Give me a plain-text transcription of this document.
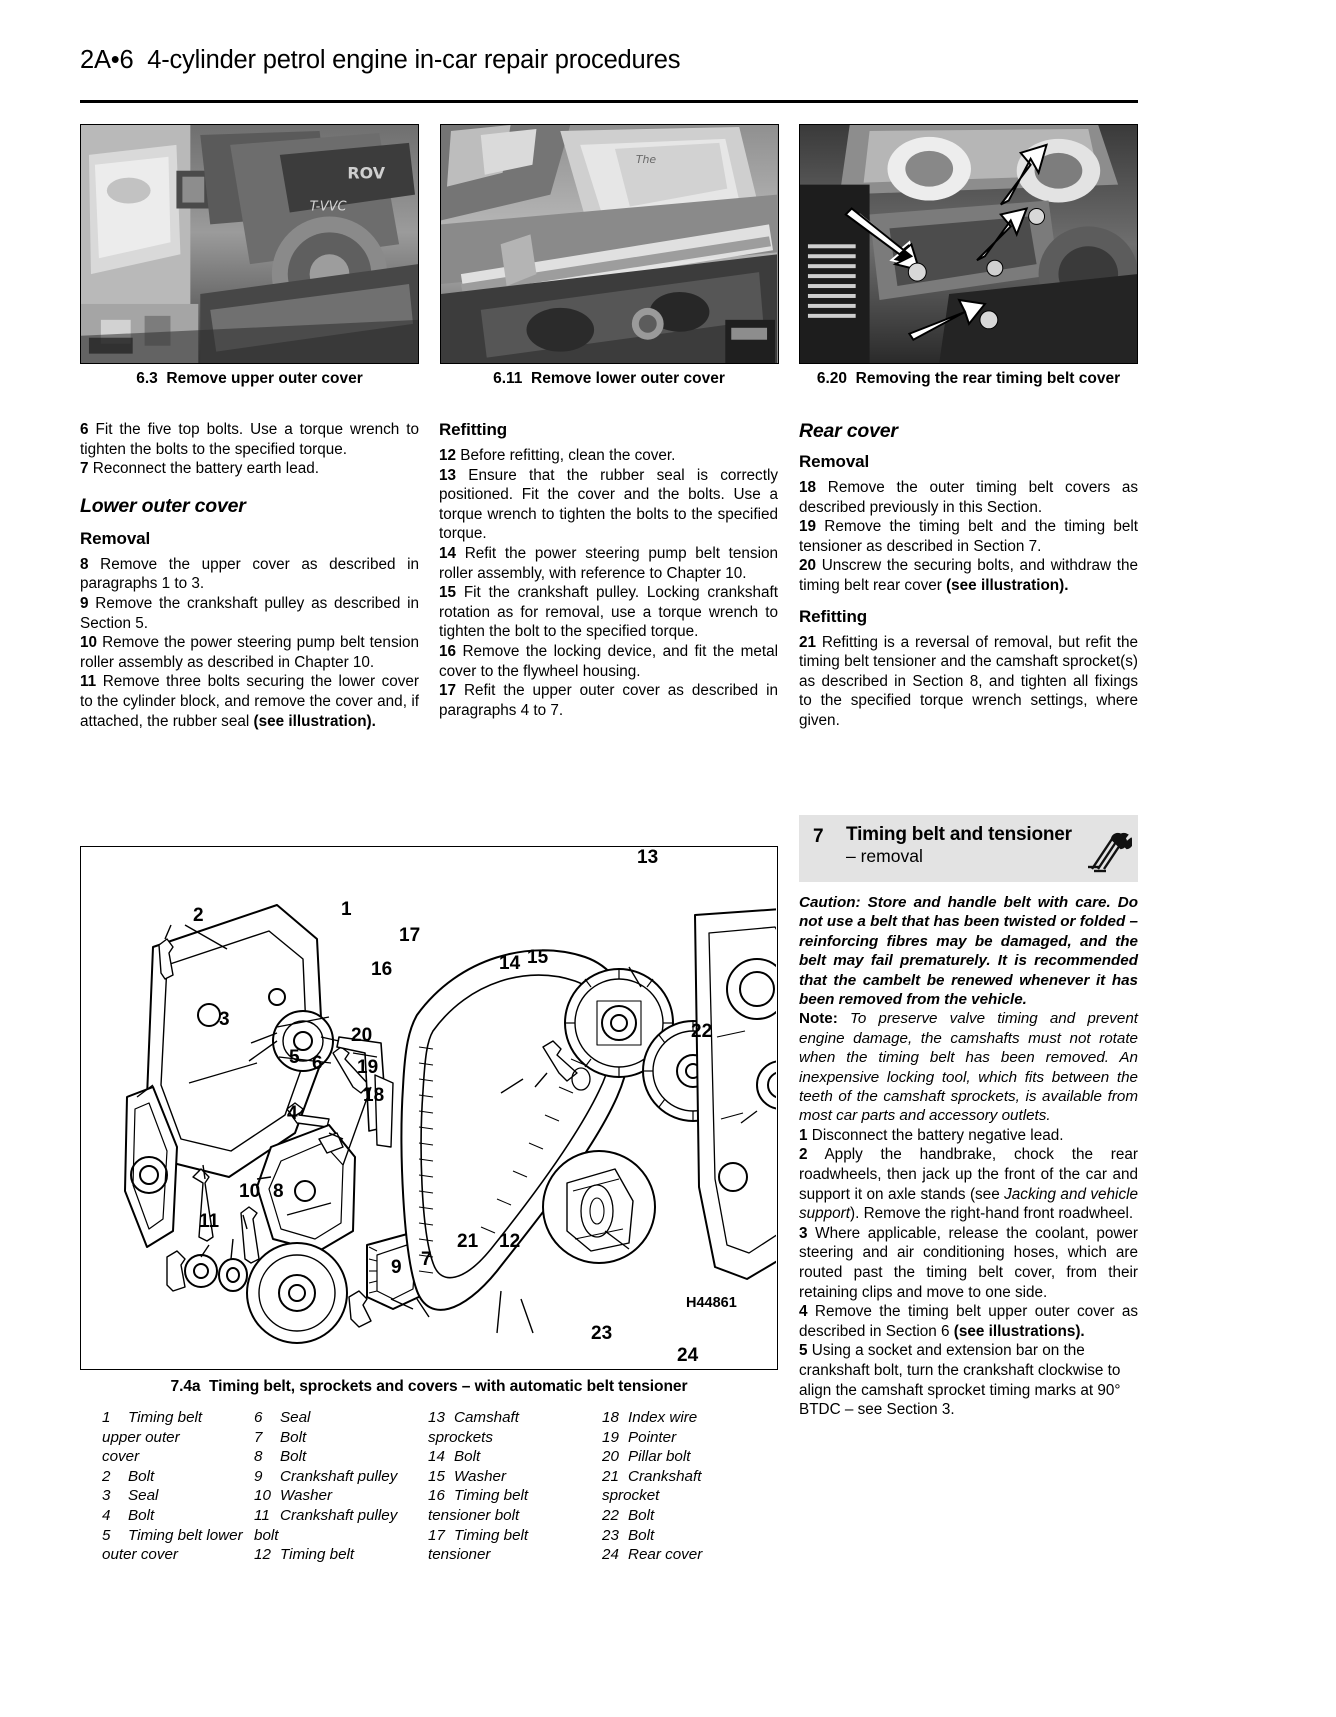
2A•6 4-cylinder petrol engine in-car repair procedures
ROV
T-VVC
The
6.3 Remove upper outer cover	6.11 Remove lower outer cover	6.20 Removing the rear timing belt cover

6 Fit the five top bolts. Use a torque wrench to tighten the bolts to the specified torque.

7 Reconnect the battery earth lead.

Lower outer cover
Removal

8 Remove the upper cover as described in paragraphs 1 to 3.

9 Remove the crankshaft pulley as described in Section 5.

10 Remove the power steering pump belt tension roller assembly as described in Chapter 10.

11 Remove three bolts securing the lower cover to the cylinder block, and remove the cover and, if attached, the rubber seal (see illustration).

Refitting

12 Before refitting, clean the cover.

13 Ensure that the rubber seal is correctly positioned. Fit the cover and the bolts. Use a torque wrench to tighten the bolts to the specified torque.

14 Refit the power steering pump belt tension roller assembly, with reference to Chapter 10.

15 Fit the crankshaft pulley. Locking crankshaft rotation as for removal, use a torque wrench to tighten the bolt to the specified torque.

16 Remove the locking device, and fit the metal cover to the flywheel housing.

17 Refit the upper outer cover as described in paragraphs 4 to 7.

Rear cover
Removal

18 Remove the outer timing belt covers as described previously in this Section.

19 Remove the timing belt and the timing belt tensioner as described in Section 7.

20 Unscrew the securing bolts, and withdraw the timing belt rear cover (see illustration).

Refitting

21 Refitting is a reversal of removal, but refit the timing belt tensioner and the camshaft sprocket(s) as described in Section 8, and tighten all fixings to the specified torque wrench settings, where given.

7	Timing belt and tensioner
– removal

Caution: Store and handle belt with care. Do not use a belt that has been twisted or folded – reinforcing fibres may be damaged, and the belt may fail prematurely. It is recommended that the cambelt be renewed whenever it has been removed from the vehicle.

Note: To preserve valve timing and prevent engine damage, the camshafts must not rotate when the timing belt has been removed. An inexpensive locking tool, which fits between the teeth of the camshaft sprockets, is available from most car parts and accessory outlets.

1 Disconnect the battery negative lead.

2 Apply the handbrake, chock the rear roadwheels, then jack up the front of the car and support it on axle stands (see Jacking and vehicle support). Remove the right-hand front roadwheel.

3 Where applicable, release the coolant, power steering and air conditioning hoses, which are routed past the timing belt cover, from their retaining clips and move to one side.

4 Remove the timing belt upper outer cover as described in Section 6 (see illustrations).

5 Using a socket and extension bar on the crankshaft bolt, turn the crankshaft clockwise to align the camshaft sprocket timing marks at 90° BTDC – see Section 3.

2	1
17
16
20
6 19
18
5
3
4
8
10
11
9 7
21 12
14 15
13
22
23
24
H44861
7.4a Timing belt, sprockets and covers – with automatic belt tensioner
1	Timing belt
upper outer
cover
2	Bolt
3	Seal
4	Bolt
5	Timing belt lower
outer cover
6	Seal
7	Bolt
8	Bolt
9	Crankshaft pulley
10 Washer
11 Crankshaft pulley
bolt
12 Timing belt
13 Camshaft
sprockets
14 Bolt
15 Washer
16 Timing belt
tensioner bolt
17 Timing belt
tensioner
18 Index wire
19 Pointer
20 Pillar bolt
21 Crankshaft
sprocket
22 Bolt
23 Bolt
24 Rear cover
